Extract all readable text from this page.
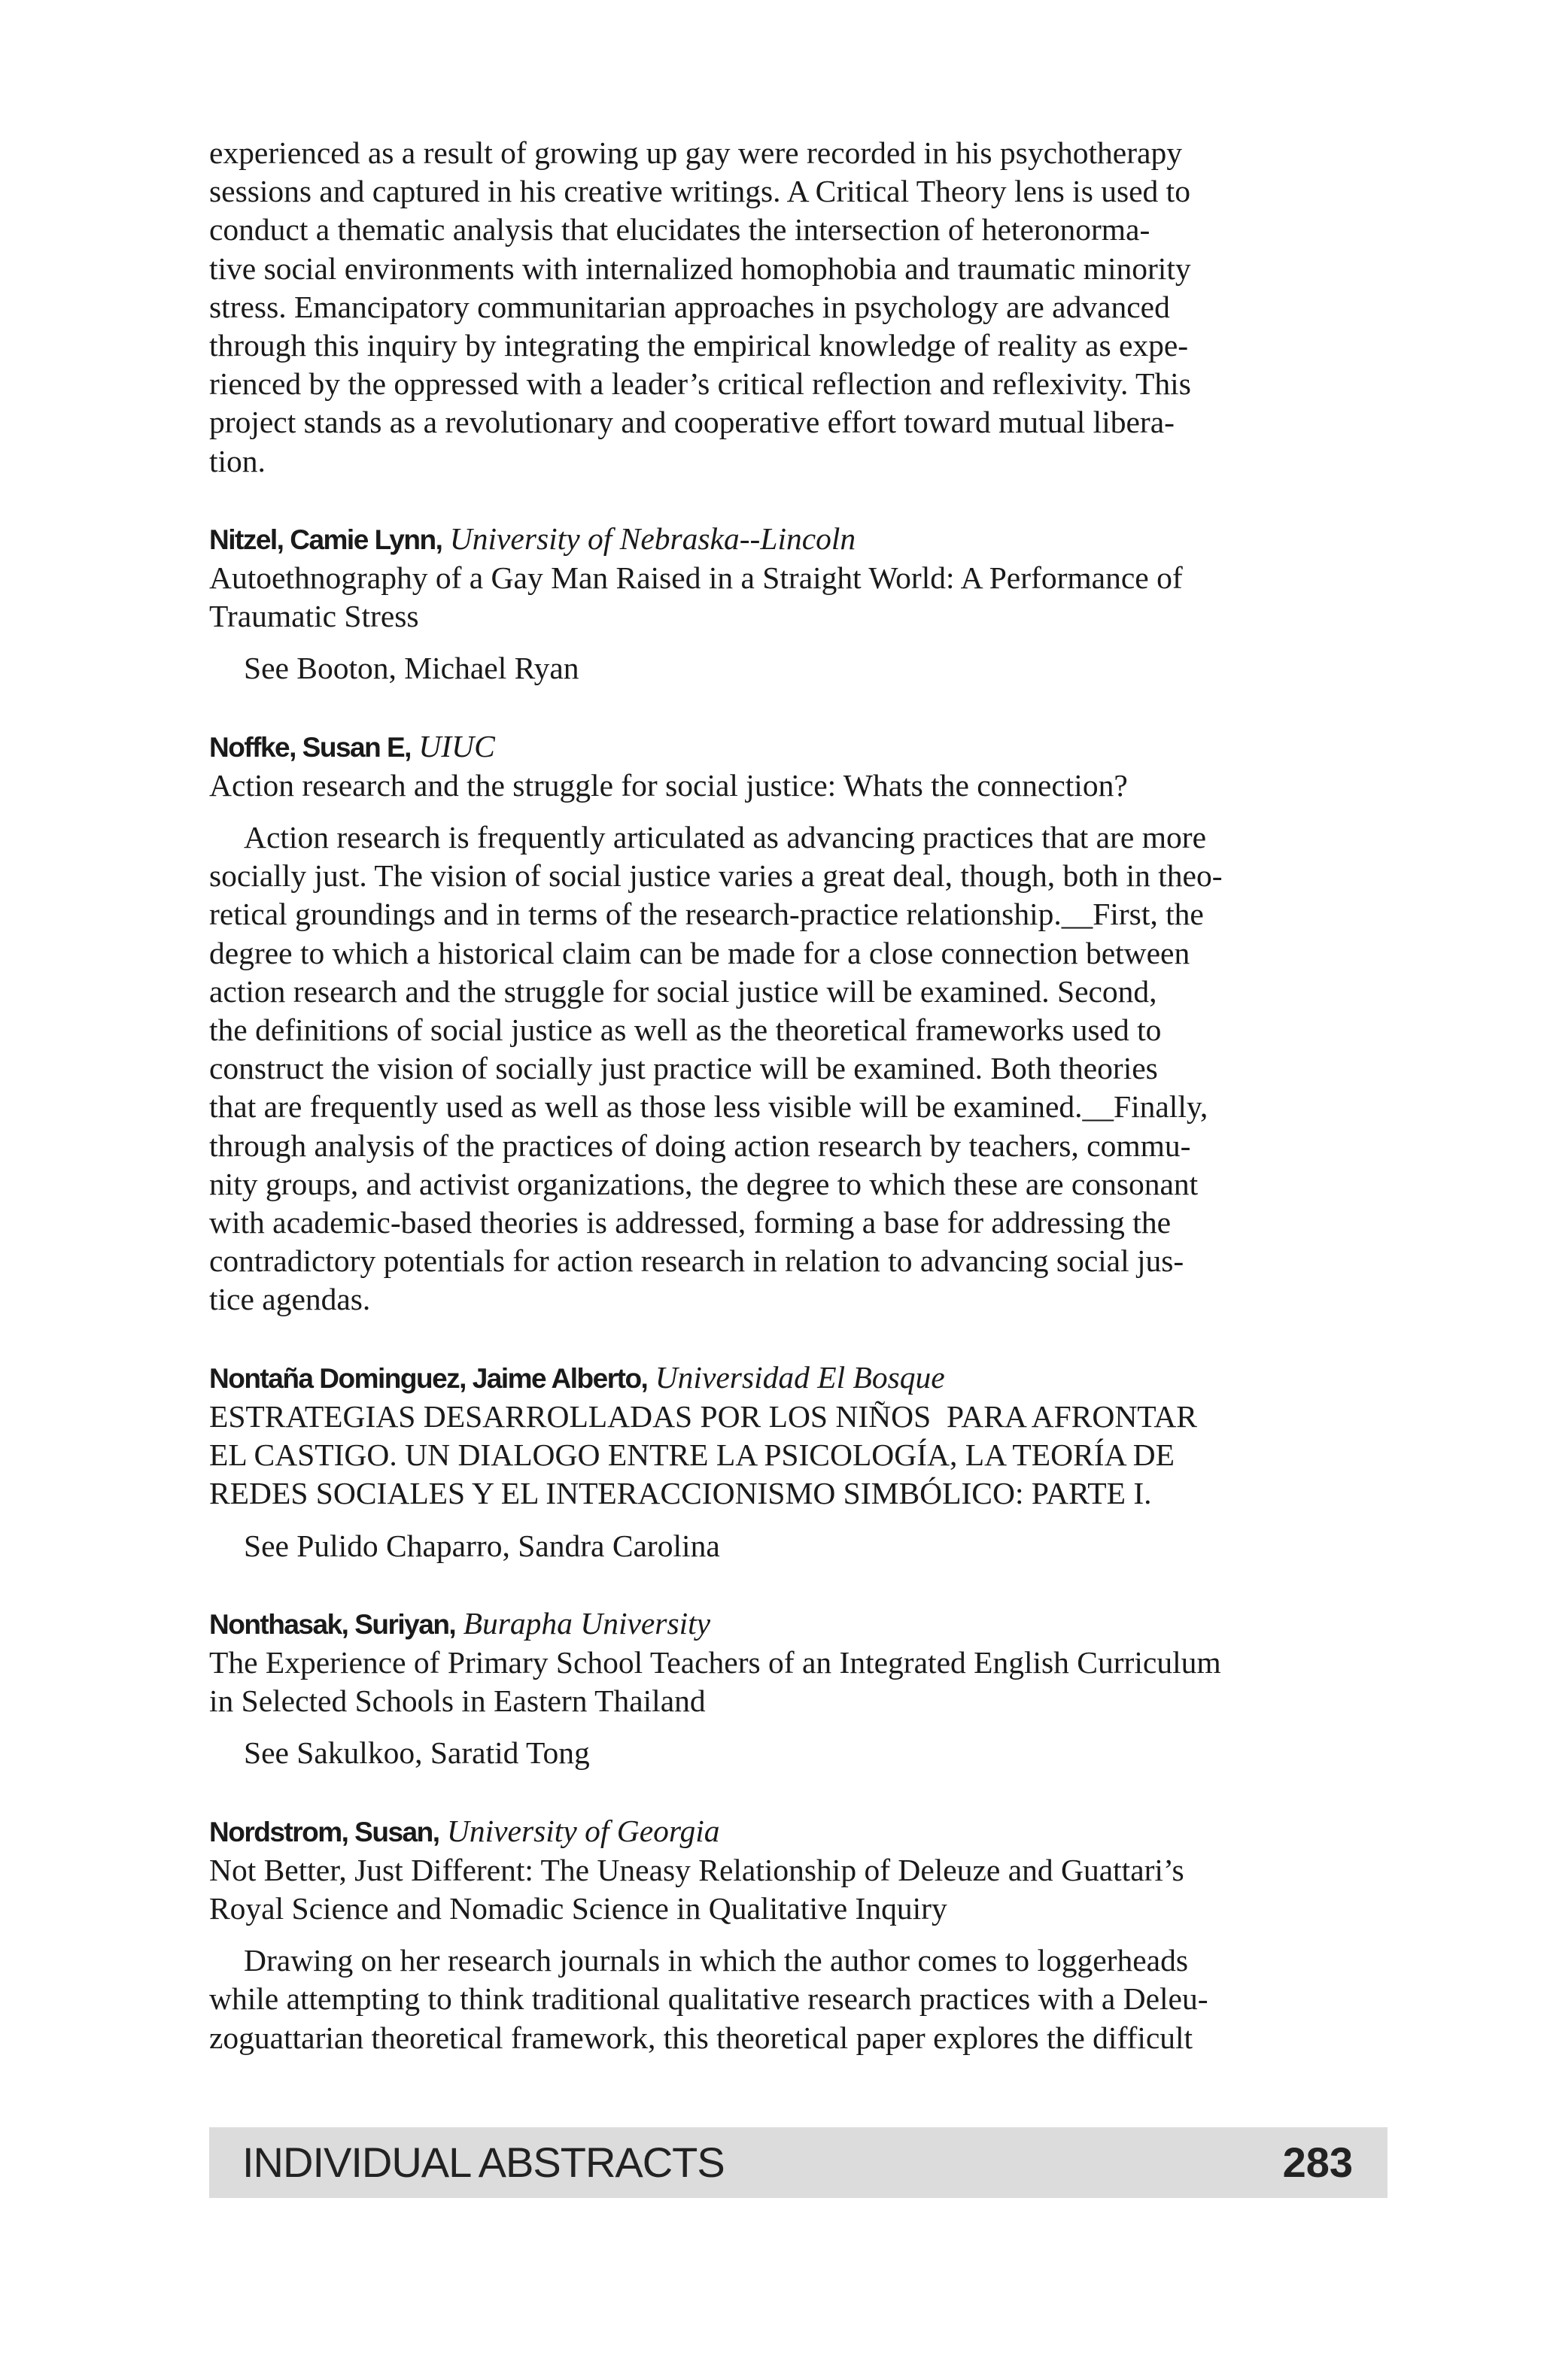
experienced as a result of growing up gay were recorded in his psychotherapy
sessions and captured in his creative writings. A Critical Theory lens is used to
conduct a thematic analysis that elucidates the intersection of heteronorma-
tive social environments with internalized homophobia and traumatic minority
stress. Emancipatory communitarian approaches in psychology are advanced
through this inquiry by integrating the empirical knowledge of reality as expe-
rienced by the oppressed with a leader’s critical reflection and reflexivity. This
project stands as a revolutionary and cooperative effort toward mutual libera-
tion.

Nitzel, Camie Lynn, University of Nebraska--Lincoln
Autoethnography of a Gay Man Raised in a Straight World: A Performance of
Traumatic Stress
See Booton, Michael Ryan
Noffke, Susan E, UIUC
Action research and the struggle for social justice: Whats the connection?

Action research is frequently articulated as advancing practices that are more
socially just. The vision of social justice varies a great deal, though, both in theo-
retical groundings and in terms of the research-practice relationship.__First, the
degree to which a historical claim can be made for a close connection between
action research and the struggle for social justice will be examined. Second,
the definitions of social justice as well as the theoretical frameworks used to
construct the vision of socially just practice will be examined. Both theories
that are frequently used as well as those less visible will be examined.__Finally,
through analysis of the practices of doing action research by teachers, commu-
nity groups, and activist organizations, the degree to which these are consonant
with academic-based theories is addressed, forming a base for addressing the
contradictory potentials for action research in relation to advancing social jus-
tice agendas.

Nontaña Dominguez, Jaime Alberto, Universidad El Bosque
ESTRATEGIAS DESARROLLADAS POR LOS NIÑOS  PARA AFRONTAR
EL CASTIGO. UN DIALOGO ENTRE LA PSICOLOGÍA, LA TEORÍA DE
REDES SOCIALES Y EL INTERACCIONISMO SIMBÓLICO: PARTE I.
See Pulido Chaparro, Sandra Carolina
Nonthasak, Suriyan, Burapha University
The Experience of Primary School Teachers of an Integrated English Curriculum
in Selected Schools in Eastern Thailand
See Sakulkoo, Saratid Tong
Nordstrom, Susan, University of Georgia
Not Better, Just Different: The Uneasy Relationship of Deleuze and Guattari’s
Royal Science and Nomadic Science in Qualitative Inquiry

Drawing on her research journals in which the author comes to loggerheads
while attempting to think traditional qualitative research practices with a Deleu-
zoguattarian theoretical framework, this theoretical paper explores the difficult

INDIVIDUAL ABSTRACTS	283
